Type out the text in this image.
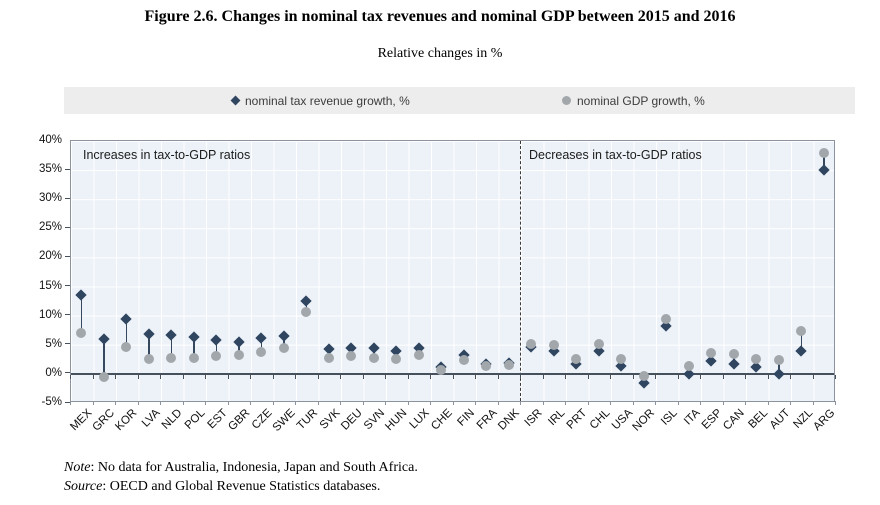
Figure 2.6. Changes in nominal tax revenues and nominal GDP between 2015 and 2016
Relative changes in %
nominal tax revenue growth, %	nominal GDP growth, %
Increases in tax-to-GDP ratios	Decreases in tax-to-GDP ratios
40%
35%
30%
25%
20%
15%
10%
5%
0%
-5%
MEX
GRC
KOR LVA
NLD
POL
EST
GBR
CZE
SWE
TUR
SVK
DEU
SVN
HUN
LUX
CHE FIN
FRA
DNK ISR IRL
PRT
CHL
USA
NOR ISL ITA
ESP
CAN
BEL
AUT
NZL
ARG
Note: No data for Australia, Indonesia, Japan and South Africa.
Source: OECD and Global Revenue Statistics databases.
